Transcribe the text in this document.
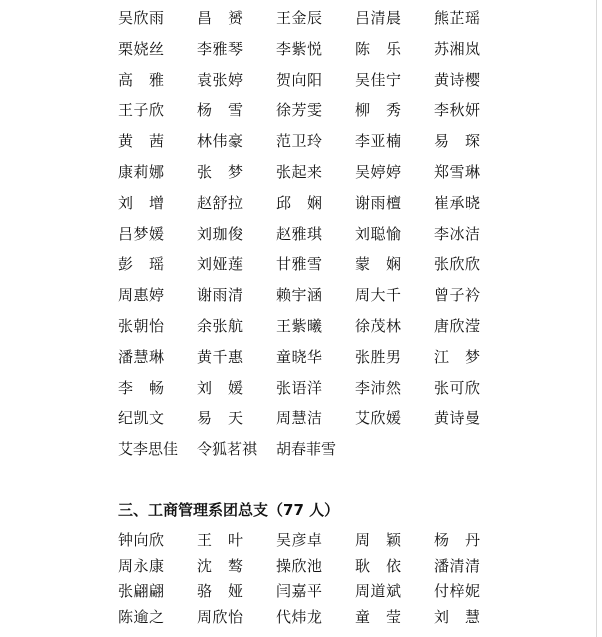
吴欣雨 昌　赟 王金辰 吕清晨 熊芷瑶
栗娆丝 李雅琴 李紫悦 陈　乐 苏湘岚
高　雅 袁张婷 贺向阳 吴佳宁 黄诗樱
王子欣 杨　雪 徐芳雯 柳　秀 李秋妍
黄　茜 林伟豪 范卫玲 李亚楠 易　琛
康莉娜 张　梦 张起来 吴婷婷 郑雪琳
刘　增 赵舒拉 邱　娴 谢雨檀 崔承晓
吕梦媛 刘珈俊 赵雅琪 刘聪愉 李冰洁
彭　瑶 刘娅莲 甘雅雪 蒙　娴 张欣欣
周惠婷 谢雨清 赖宇涵 周大千 曾子衿
张朝怡 余张航 王紫曦 徐茂林 唐欣滢
潘慧琳 黄千惠 童晓华 张胜男 江　梦
李　畅 刘　媛 张语洋 李沛然 张可欣
纪凯文 易　天 周慧洁 艾欣媛 黄诗曼
艾李思佳	令狐茗祺	胡春菲雪
三、工商管理系团总支（77 人）
钟向欣 王　叶 吴彦卓 周　颖 杨　丹
周永康 沈　骜 操欣池 耿　依 潘清清
张翩翩 骆　娅 闫嘉平 周道斌 付梓妮
陈逾之 周欣怡 代炜龙 童　莹 刘　慧
